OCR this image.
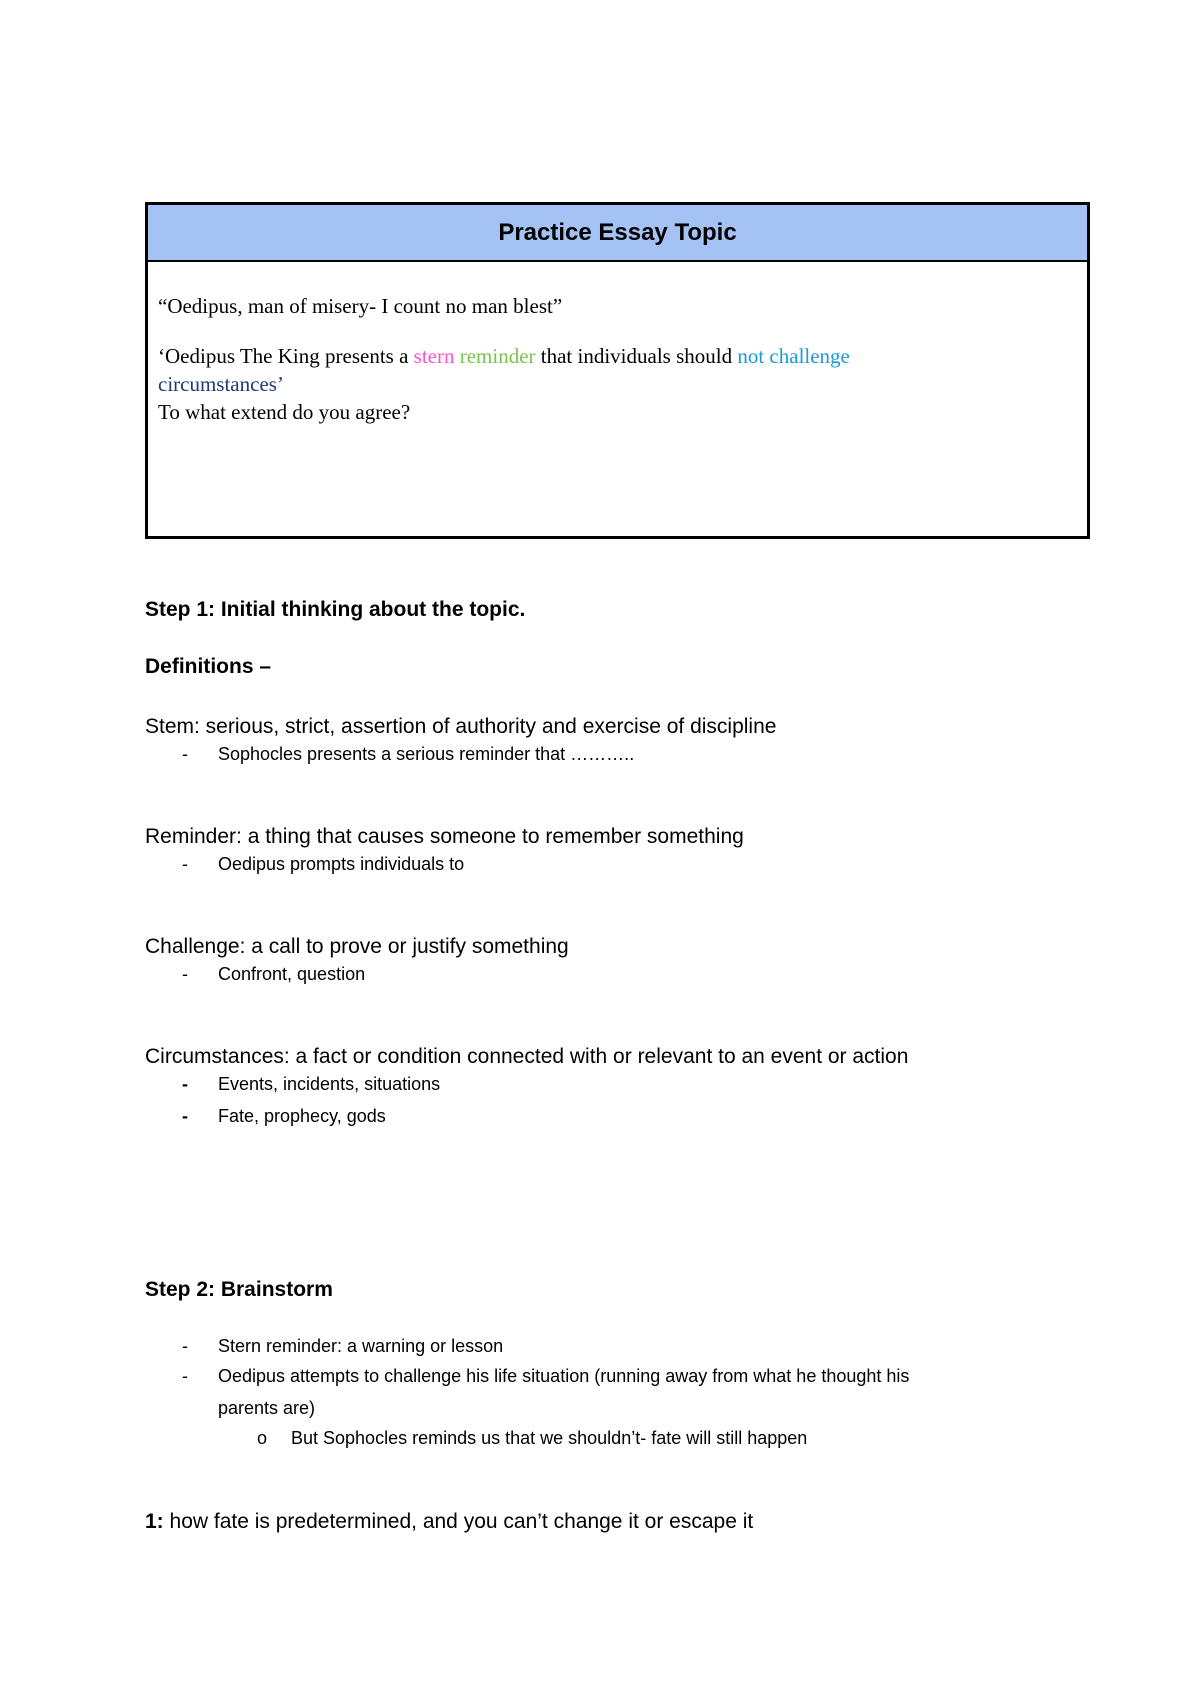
Practice Essay Topic

“Oedipus, man of misery- I count no man blest”

‘Oedipus The King presents a stern reminder that individuals should not challenge
circumstances’

To what extend do you agree?

Step 1: Initial thinking about the topic.
Definitions –
Stem: serious, strict, assertion of authority and exercise of discipline
- Sophocles presents a serious reminder that ………..
Reminder: a thing that causes someone to remember something
- Oedipus prompts individuals to
Challenge: a call to prove or justify something
- Confront, question
Circumstances: a fact or condition connected with or relevant to an event or action
- Events, incidents, situations
- Fate, prophecy, gods
Step 2: Brainstorm
- Stern reminder: a warning or lesson
- Oedipus attempts to challenge his life situation (running away from what he thought his
parents are)
o But Sophocles reminds us that we shouldn’t- fate will still happen
1: how fate is predetermined, and you can’t change it or escape it
